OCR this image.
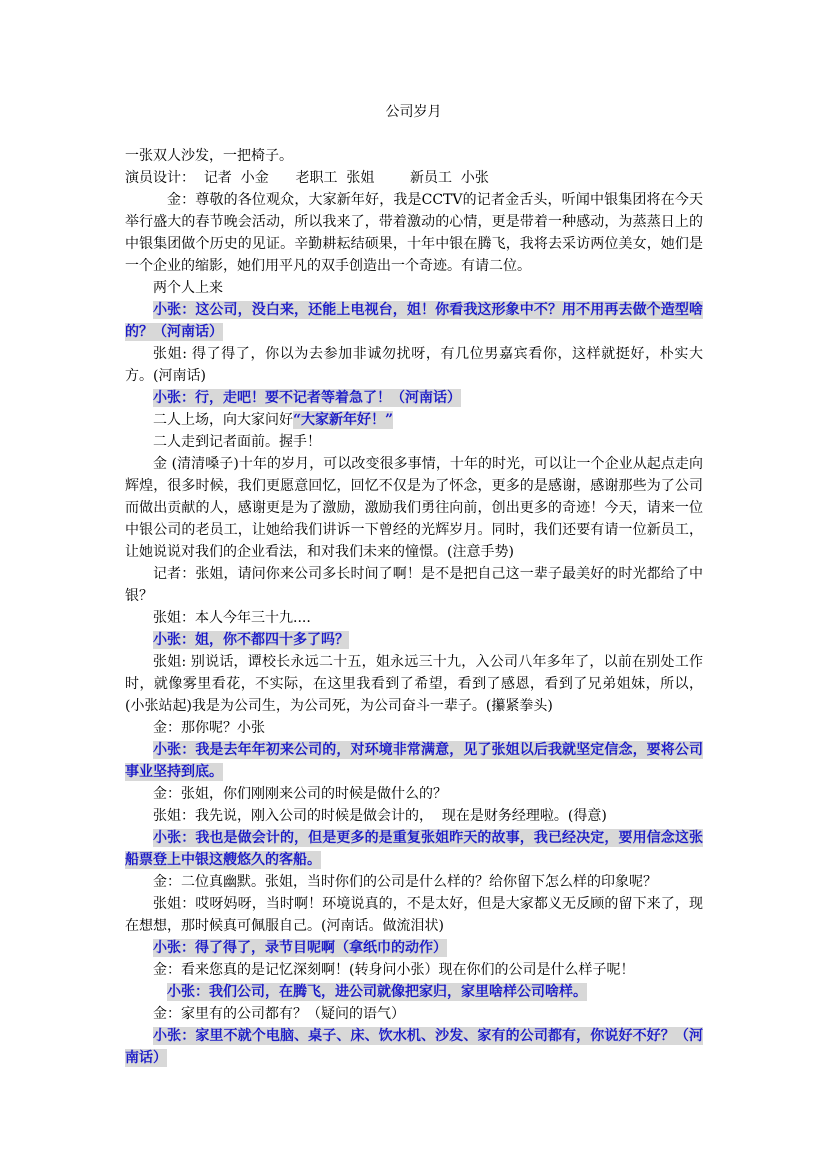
公司岁月

一张双人沙发，一把椅子。

演员设计：  记者  小金      老职工  张姐        新员工  小张

金：尊敬的各位观众，大家新年好，我是CCTV的记者金舌头，听闻中银集团将在今天举行盛大的春节晚会活动，所以我来了，带着激动的心情，更是带着一种感动，为蒸蒸日上的中银集团做个历史的见证。辛勤耕耘结硕果，十年中银在腾飞，我将去采访两位美女，她们是一个企业的缩影，她们用平凡的双手创造出一个奇迹。有请二位。

两个人上来

小张：这公司，没白来，还能上电视台，姐！你看我这形象中不？用不用再去做个造型啥的？（河南话）

张姐: 得了得了，你以为去参加非诚勿扰呀，有几位男嘉宾看你，这样就挺好，朴实大方。(河南话)

小张：行，走吧！要不记者等着急了！（河南话）

二人上场，向大家问好“大家新年好！”

二人走到记者面前。握手！

金 (清清嗓子)十年的岁月，可以改变很多事情，十年的时光，可以让一个企业从起点走向辉煌，很多时候，我们更愿意回忆，回忆不仅是为了怀念，更多的是感谢，感谢那些为了公司而做出贡献的人，感谢更是为了激励，激励我们勇往向前，创出更多的奇迹！今天，请来一位中银公司的老员工，让她给我们讲诉一下曾经的光辉岁月。同时，我们还要有请一位新员工，让她说说对我们的企业看法，和对我们未来的憧憬。(注意手势)

记者：张姐，请问你来公司多长时间了啊！是不是把自己这一辈子最美好的时光都给了中银？

张姐：本人今年三十九....

小张：姐，你不都四十多了吗？

张姐: 别说话，谭校长永远二十五，姐永远三十九，入公司八年多年了，以前在别处工作时，就像雾里看花，不实际，在这里我看到了希望，看到了感恩，看到了兄弟姐妹，所以，(小张站起)我是为公司生，为公司死，为公司奋斗一辈子。(攥紧拳头)

金：那你呢？小张

小张：我是去年年初来公司的，对环境非常满意，见了张姐以后我就坚定信念，要将公司事业坚持到底。

金：张姐，你们刚刚来公司的时候是做什么的？

张姐：我先说，刚入公司的时候是做会计的，  现在是财务经理啦。(得意)

小张：我也是做会计的，但是更多的是重复张姐昨天的故事，我已经决定，要用信念这张船票登上中银这艘悠久的客船。

金：二位真幽默。张姐，当时你们的公司是什么样的？给你留下怎么样的印象呢？

张姐：哎呀妈呀，当时啊！环境说真的，不是太好，但是大家都义无反顾的留下来了，现在想想，那时候真可佩服自己。(河南话。做流泪状)

小张：得了得了，录节目呢啊（拿纸巾的动作）

金：看来您真的是记忆深刻啊！(转身问小张）现在你们的公司是什么样子呢！

小张：我们公司，在腾飞，进公司就像把家归，家里啥样公司啥样。

金：家里有的公司都有？（疑问的语气）

小张：家里不就个电脑、桌子、床、饮水机、沙发、家有的公司都有，你说好不好？（河南话）
